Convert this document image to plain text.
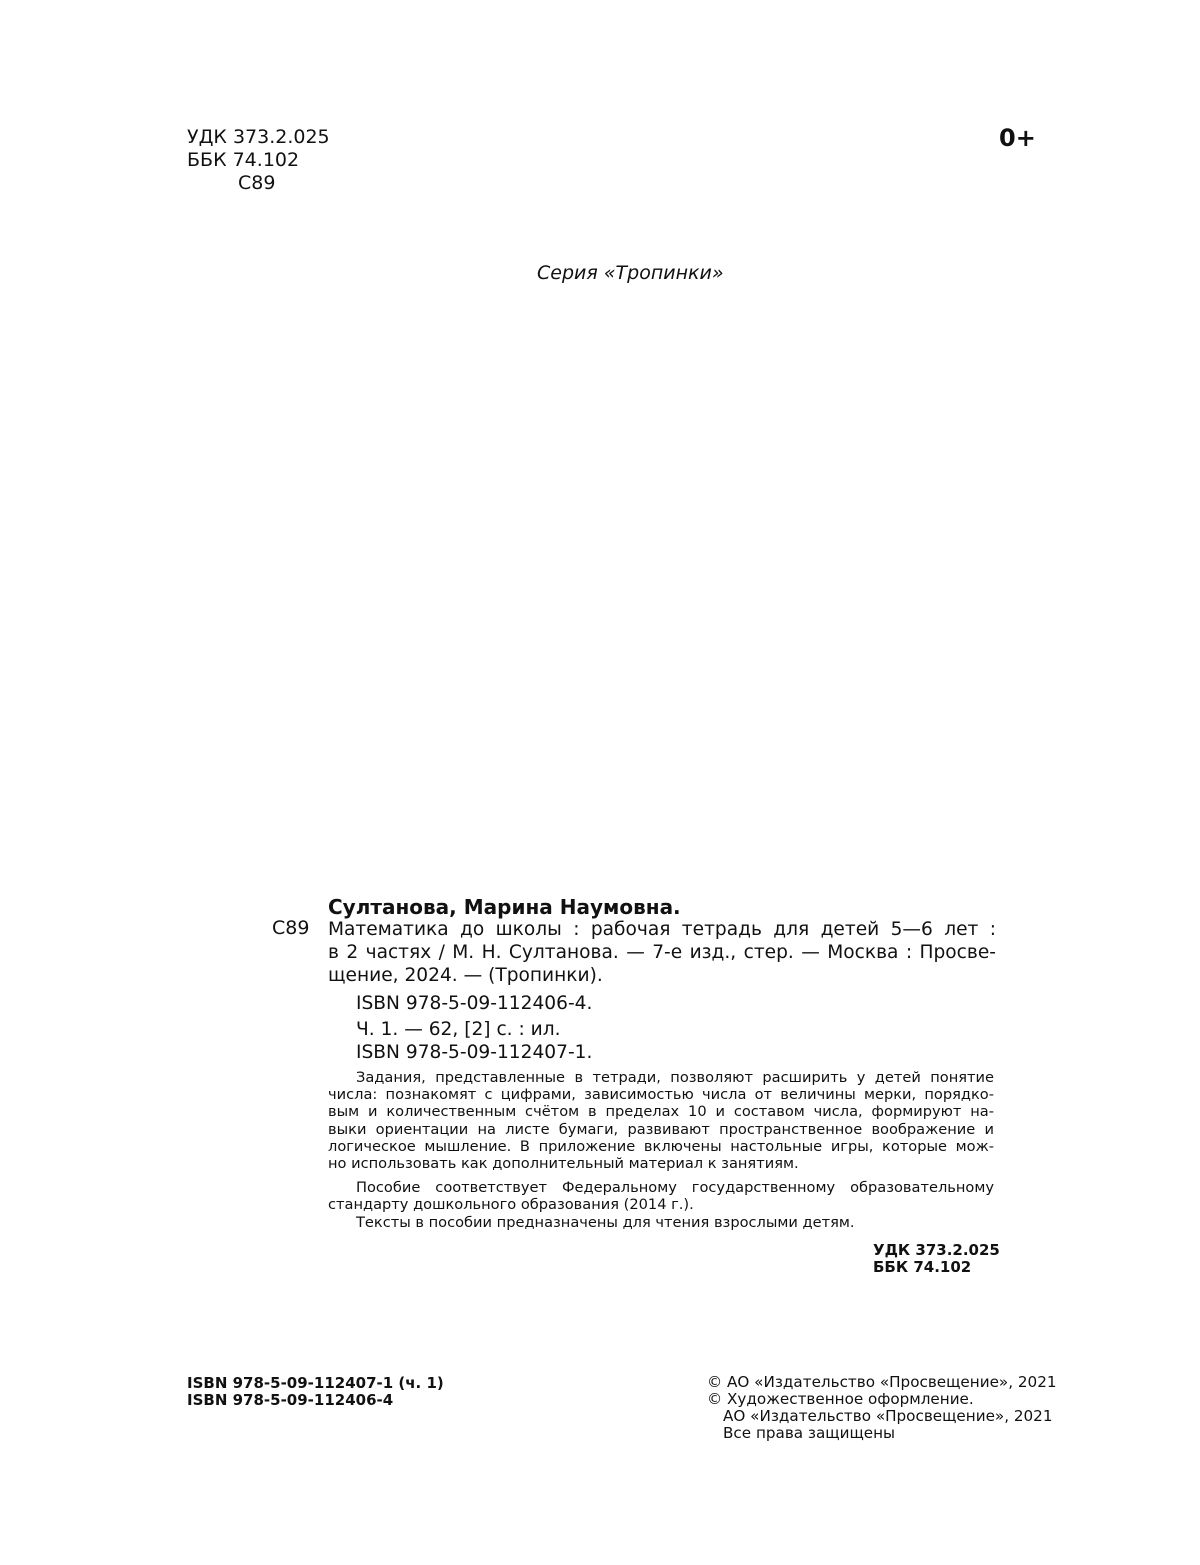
УДК 373.2.025
ББК 74.102
С89
0+
Серия «Тропинки»
С89
Султанова, Марина Наумовна.
Математика до школы : рабочая тетрадь для детей 5—6 лет :
в 2 частях / М. Н. Султанова. — 7-е изд., стер. — Москва : Просве-
щение, 2024. — (Тропинки).
ISBN 978-5-09-112406-4.
Ч. 1. — 62, [2] с. : ил.
ISBN 978-5-09-112407-1.
Задания, представленные в тетради, позволяют расширить у детей понятие
числа: познакомят с цифрами, зависимостью числа от величины мерки, порядко-
вым и количественным счётом в пределах 10 и составом числа, формируют на-
выки ориентации на листе бумаги, развивают пространственное воображение и
логическое мышление. В приложение включены настольные игры, которые мож-
но использовать как дополнительный материал к занятиям.
Пособие соответствует Федеральному государственному образовательному
стандарту дошкольного образования (2014 г.).
Тексты в пособии предназначены для чтения взрослыми детям.
УДК 373.2.025
ББК 74.102
ISBN 978-5-09-112407-1 (ч. 1)
ISBN 978-5-09-112406-4
© АО «Издательство «Просвещение», 2021
© Художественное оформление.
АО «Издательство «Просвещение», 2021
Все права защищены
